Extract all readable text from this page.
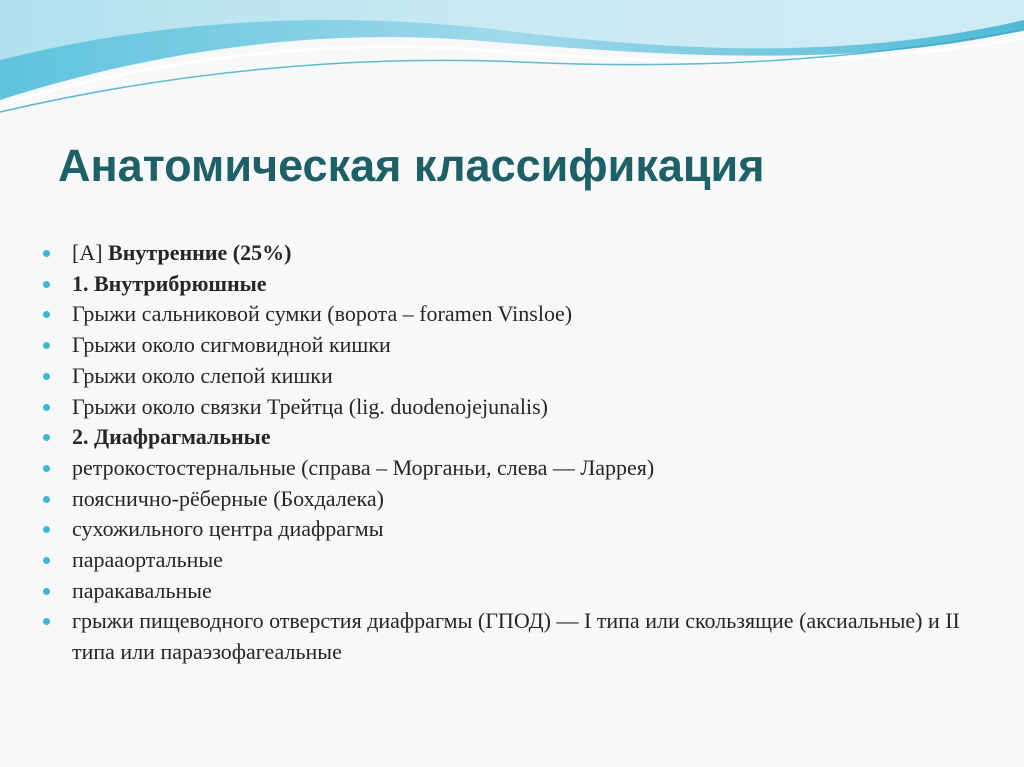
Анатомическая классификация
[А] Внутренние (25%)
1. Внутрибрюшные
Грыжи сальниковой сумки (ворота – foramen Vinsloe)
Грыжи около сигмовидной кишки
Грыжи около слепой кишки
Грыжи около связки Трейтца (lig. duodenojejunalis)
2. Диафрагмальные
ретрокостостернальные (справа – Морганьи, слева — Ларрея)
пояснично-рёберные (Бохдалека)
сухожильного центра диафрагмы
парааортальные
паракавальные
грыжи пищеводного отверстия диафрагмы (ГПОД) — I типа или скользящие (аксиальные) и II типа или параэзофагеальные
